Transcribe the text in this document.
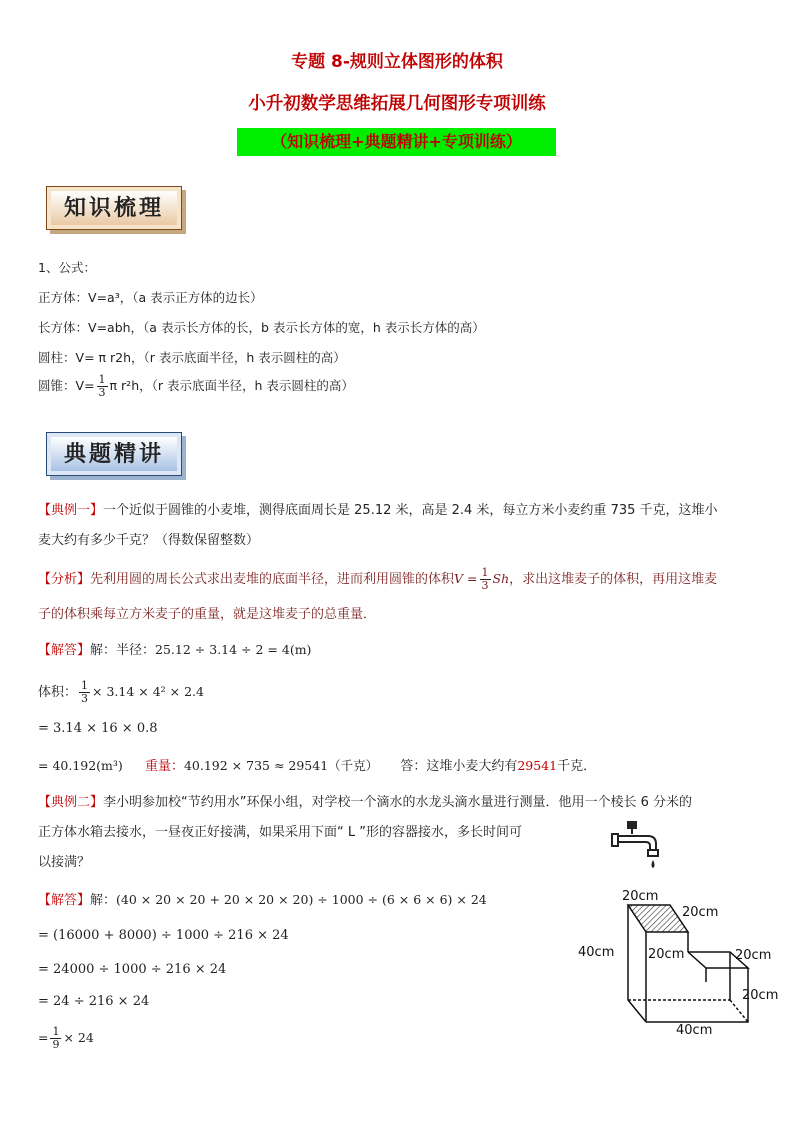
专题 8-规则立体图形的体积
小升初数学思维拓展几何图形专项训练
（知识梳理+典题精讲+专项训练）
知识梳理
1、公式：
正方体：V=a³，（a 表示正方体的边长）
长方体：V=abh，（a 表示长方体的长，b 表示长方体的宽，h 表示长方体的高）
圆柱：V= π r2h，（r 表示底面半径，h 表示圆柱的高）
圆锥：$V= \frac{1}{3}$ π r²h，（r 表示底面半径，h 表示圆柱的高）
典题精讲
【典例一】一个近似于圆锥的小麦堆，测得底面周长是 25.12 米，高是 2.4 米，每立方米小麦约重 735 千克，这堆小
麦大约有多少千克？（得数保留整数）
【分析】先利用圆的周长公式求出麦堆的底面半径，进而利用圆锥的体积$V = \frac{1}{3}$ Sh，求出这堆麦子的体积，再用这堆麦
子的体积乘每立方米麦子的重量，就是这堆麦子的总重量．
【解答】解：半径：25.12 ÷ 3.14 ÷ 2 = 4(m)
体积： $\frac{1}{3} \times 3.14 \times 4^2 \times 2.4$
= 3.14 × 16 × 0.8
= 40.192(m³) 重量：40.192 × 735 ≈ 29541（千克） 答：这堆小麦大约有29541千克．
【典例二】李小明参加校“节约用水”环保小组，对学校一个滴水的水龙头滴水量进行测量．他用一个棱长 6 分米的
正方体水箱去接水，一昼夜正好接满，如果采用下面“ L ”形的容器接水，多长时间可
以接满？
【解答】解：(40 × 20 × 20 + 20 × 20 × 20) ÷ 1000 ÷ (6 × 6 × 6) × 24
= (16000 + 8000) ÷ 1000 ÷ 216 × 24
= 24000 ÷ 1000 ÷ 216 × 24
= 24 ÷ 216 × 24
= $\frac{1}{9} \times 24$
20cm
20cm
40cm	20cm	20cm
20cm
40cm
